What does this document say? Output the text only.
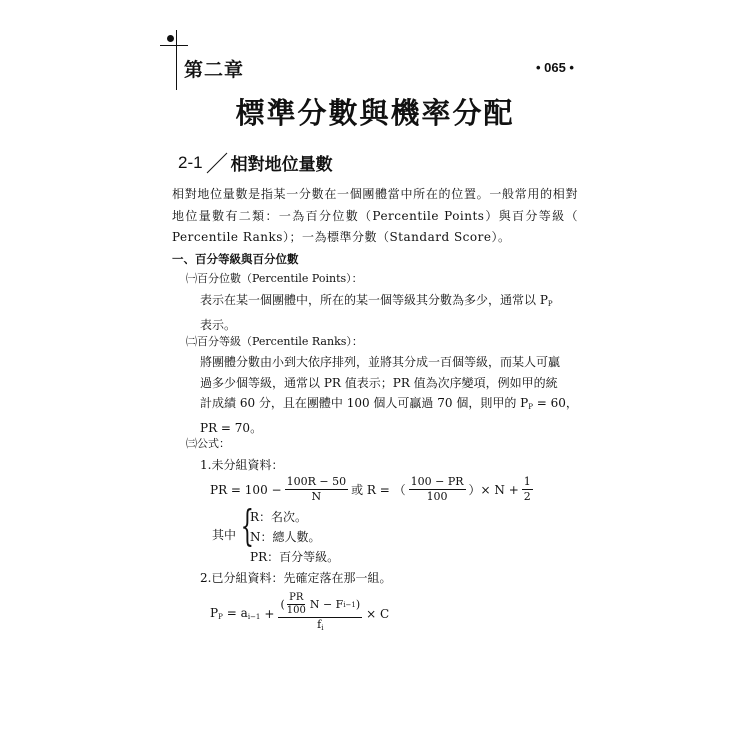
第二章	• 065 •
標準分數與機率分配
2-1 相對地位量數
相對地位量數是指某一分數在一個團體當中所在的位置。一般常用的相對
地位量數有二類：一為百分位數（Percentile Points）與百分等級（
Percentile Ranks）；一為標準分數（Standard Score）。
一、百分等級與百分位數
㈠百分位數（Percentile Points）：
表示在某一個團體中，所在的某一個等級其分數為多少，通常以 $P_P$
表示。
㈡百分等級（Percentile Ranks）：
將團體分數由小到大依序排列，並將其分成一百個等級，而某人可贏
過多少個等級，通常以 PR 值表示；PR 值為次序變項，例如甲的統
計成績 60 分，且在團體中 100 個人可贏過 70 個，則甲的 $P_P = 60$，
PR = 70。
㈢公式：
1.未分組資料：
PR = $100 - \frac{100R - 50}{N}$ 或 R = （ $\frac{100 - PR}{100}$ ）× $N + \frac{1}{2}$
其中 {
R：名次。
N：總人數。
PR：百分等級。
2.已分組資料：先確定落在那一組。
$P_P = a_{i-1}$ +
( $\frac{PR}{100}$ N − F i−1 )
$f_i$
× C
